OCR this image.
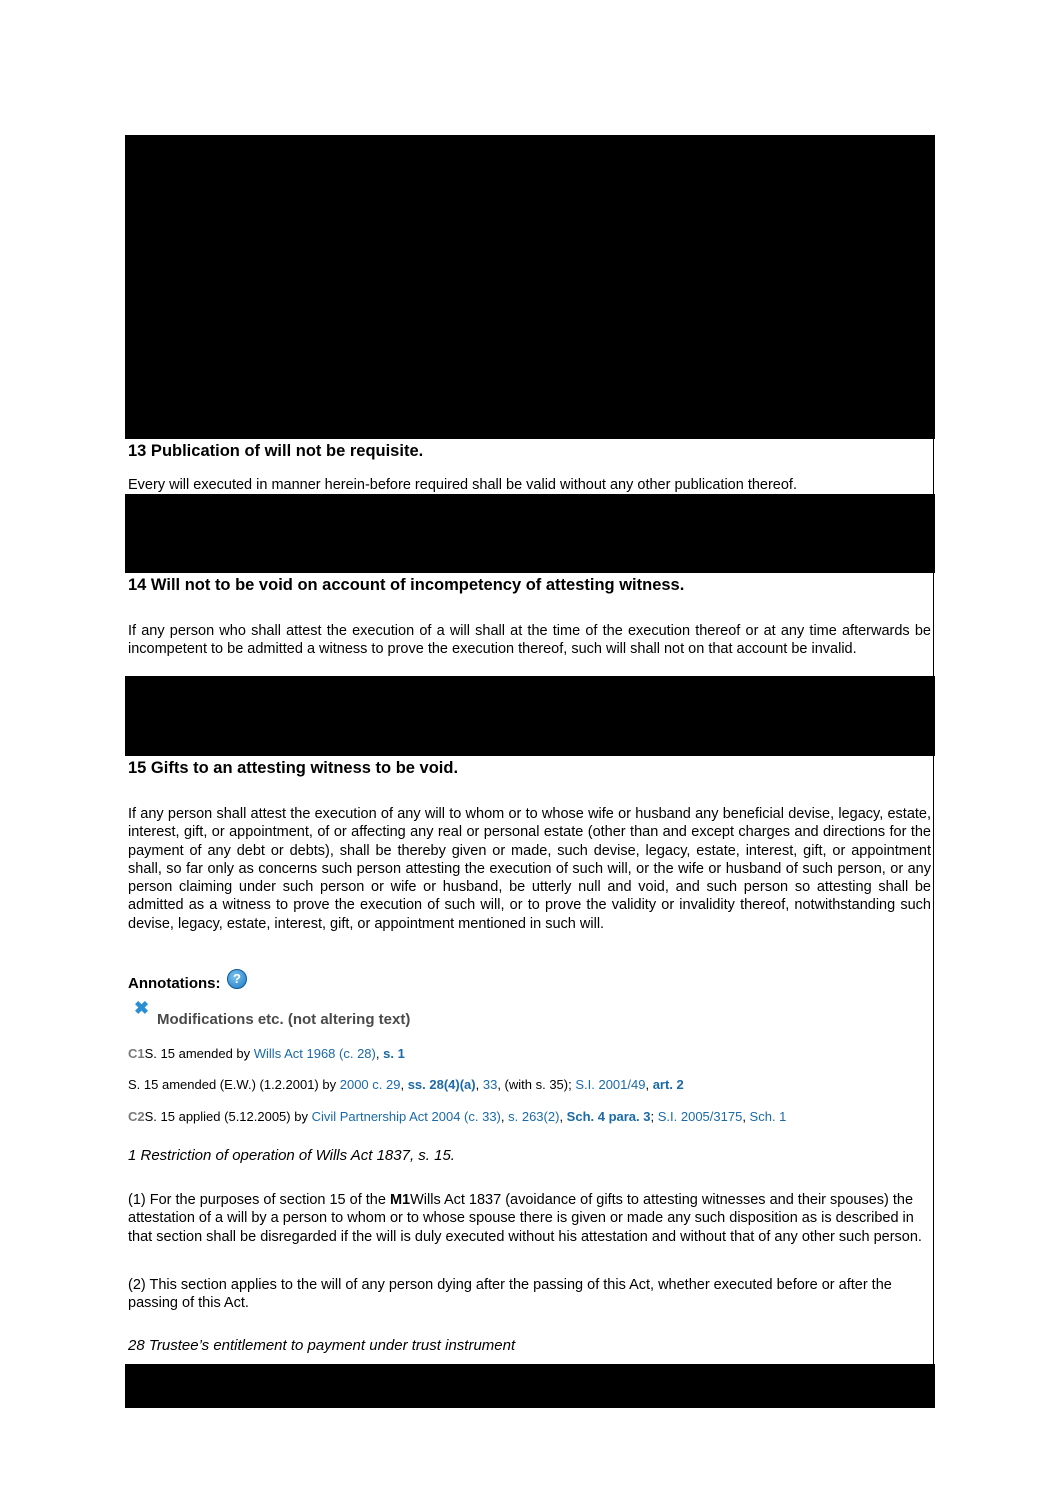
13 Publication of will not be requisite.
Every will executed in manner herein-before required shall be valid without any other publication thereof.
14 Will not to be void on account of incompetency of attesting witness.
If any person who shall attest the execution of a will shall at the time of the execution thereof or at any time afterwards be incompetent to be admitted a witness to prove the execution thereof, such will shall not on that account be invalid.
15 Gifts to an attesting witness to be void.
If any person shall attest the execution of any will to whom or to whose wife or husband any beneficial devise, legacy, estate, interest, gift, or appointment, of or affecting any real or personal estate (other than and except charges and directions for the payment of any debt or debts), shall be thereby given or made, such devise, legacy, estate, interest, gift, or appointment shall, so far only as concerns such person attesting the execution of such will, or the wife or husband of such person, or any person claiming under such person or wife or husband, be utterly null and void, and such person so attesting shall be admitted as a witness to prove the execution of such will, or to prove the validity or invalidity thereof, notwithstanding such devise, legacy, estate, interest, gift, or appointment mentioned in such will.
Annotations: ?
✖
Modifications etc. (not altering text)
C1S. 15 amended by Wills Act 1968 (c. 28), s. 1
S. 15 amended (E.W.) (1.2.2001) by 2000 c. 29, ss. 28(4)(a), 33, (with s. 35); S.I. 2001/49, art. 2
C2S. 15 applied (5.12.2005) by Civil Partnership Act 2004 (c. 33), s. 263(2), Sch. 4 para. 3; S.I. 2005/3175, Sch. 1
1 Restriction of operation of Wills Act 1837, s. 15.
(1) For the purposes of section 15 of the M1Wills Act 1837 (avoidance of gifts to attesting witnesses and their spouses) the attestation of a will by a person to whom or to whose spouse there is given or made any such disposition as is described in that section shall be disregarded if the will is duly executed without his attestation and without that of any other such person.
(2) This section applies to the will of any person dying after the passing of this Act, whether executed before or after the passing of this Act.
28 Trustee’s entitlement to payment under trust instrument
